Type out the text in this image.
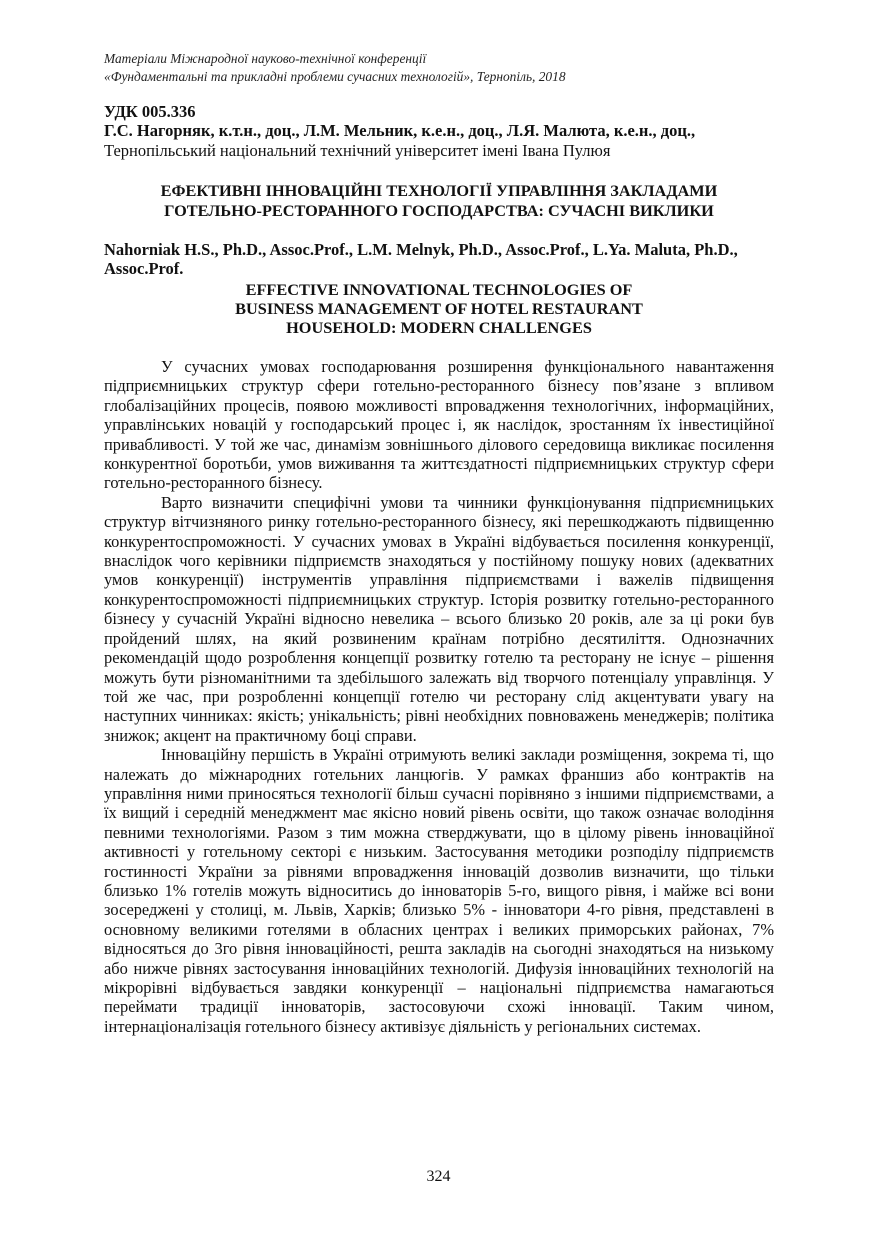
Матеріали Міжнародної науково-технічної конференції
«Фундаментальні та прикладні проблеми сучасних технологій», Тернопіль, 2018
УДК 005.336
Г.С. Нагорняк, к.т.н., доц., Л.М. Мельник, к.е.н., доц., Л.Я. Малюта, к.е.н., доц.,
Тернопільський національний технічний університет імені Івана Пулюя
ЕФЕКТИВНІ ІННОВАЦІЙНІ ТЕХНОЛОГІЇ УПРАВЛІННЯ ЗАКЛАДАМИ
ГОТЕЛЬНО-РЕСТОРАННОГО ГОСПОДАРСТВА: СУЧАСНІ ВИКЛИКИ
Nahorniak H.S., Ph.D., Assoc.Prof., L.M. Melnyk, Ph.D., Assoc.Prof., L.Ya. Maluta, Ph.D., Assoc.Prof.
EFFECTIVE INNOVATIONAL TECHNOLOGIES OF
BUSINESS MANAGEMENT OF HOTEL RESTAURANT
HOUSEHOLD: MODERN CHALLENGES

У сучасних умовах господарювання розширення функціонального навантаження підприємницьких структур сфери готельно-ресторанного бізнесу пов’язане з впливом глобалізаційних процесів, появою можливості впровадження технологічних, інформаційних, управлінських новацій у господарський процес і, як наслідок, зростанням їх інвестиційної привабливості. У той же час, динамізм зовнішнього ділового середовища викликає посилення конкурентної боротьби, умов виживання та життєздатності підприємницьких структур сфери готельно-ресторанного бізнесу.

Варто визначити специфічні умови та чинники функціонування підприємницьких структур вітчизняного ринку готельно-ресторанного бізнесу, які перешкоджають підвищенню конкурентоспроможності. У сучасних умовах в Україні відбувається посилення конкуренції, внаслідок чого керівники підприємств знаходяться у постійному пошуку нових (адекватних умов конкуренції) інструментів управління підприємствами і важелів підвищення конкурентоспроможності підприємницьких структур. Історія розвитку готельно-ресторанного бізнесу у сучасній Україні відносно невелика – всього близько 20 років, але за ці роки був пройдений шлях, на який розвиненим країнам потрібно десятиліття. Однозначних рекомендацій щодо розроблення концепції розвитку готелю та ресторану не існує – рішення можуть бути різноманітними та здебільшого залежать від творчого потенціалу управлінця. У той же час, при розробленні концепції готелю чи ресторану слід акцентувати увагу на наступних чинниках: якість; унікальність; рівні необхідних повноважень менеджерів; політика знижок; акцент на практичному боці справи.

Інноваційну першість в Україні отримують великі заклади розміщення, зокрема ті, що належать до міжнародних готельних ланцюгів. У рамках франшиз або контрактів на управління ними приносяться технології більш сучасні порівняно з іншими підприємствами, а їх вищий і середній менеджмент має якісно новий рівень освіти, що також означає володіння певними технологіями. Разом з тим можна стверджувати, що в цілому рівень інноваційної активності у готельному секторі є низьким. Застосування методики розподілу підприємств гостинності України за рівнями впровадження інновацій дозволив визначити, що тільки близько 1% готелів можуть відноситись до інноваторів 5-го, вищого рівня, і майже всі вони зосереджені у столиці, м. Львів, Харків; близько 5% - інноватори 4-го рівня, представлені в основному великими готелями в обласних центрах і великих приморських районах, 7% відносяться до 3го рівня інноваційності, решта закладів на сьогодні знаходяться на низькому або нижче рівнях застосування інноваційних технологій. Дифузія інноваційних технологій на мікрорівні відбувається завдяки конкуренції – національні підприємства намагаються переймати традиції інноваторів, застосовуючи схожі інновації. Таким чином, інтернаціоналізація готельного бізнесу активізує діяльність у регіональних системах.

324
